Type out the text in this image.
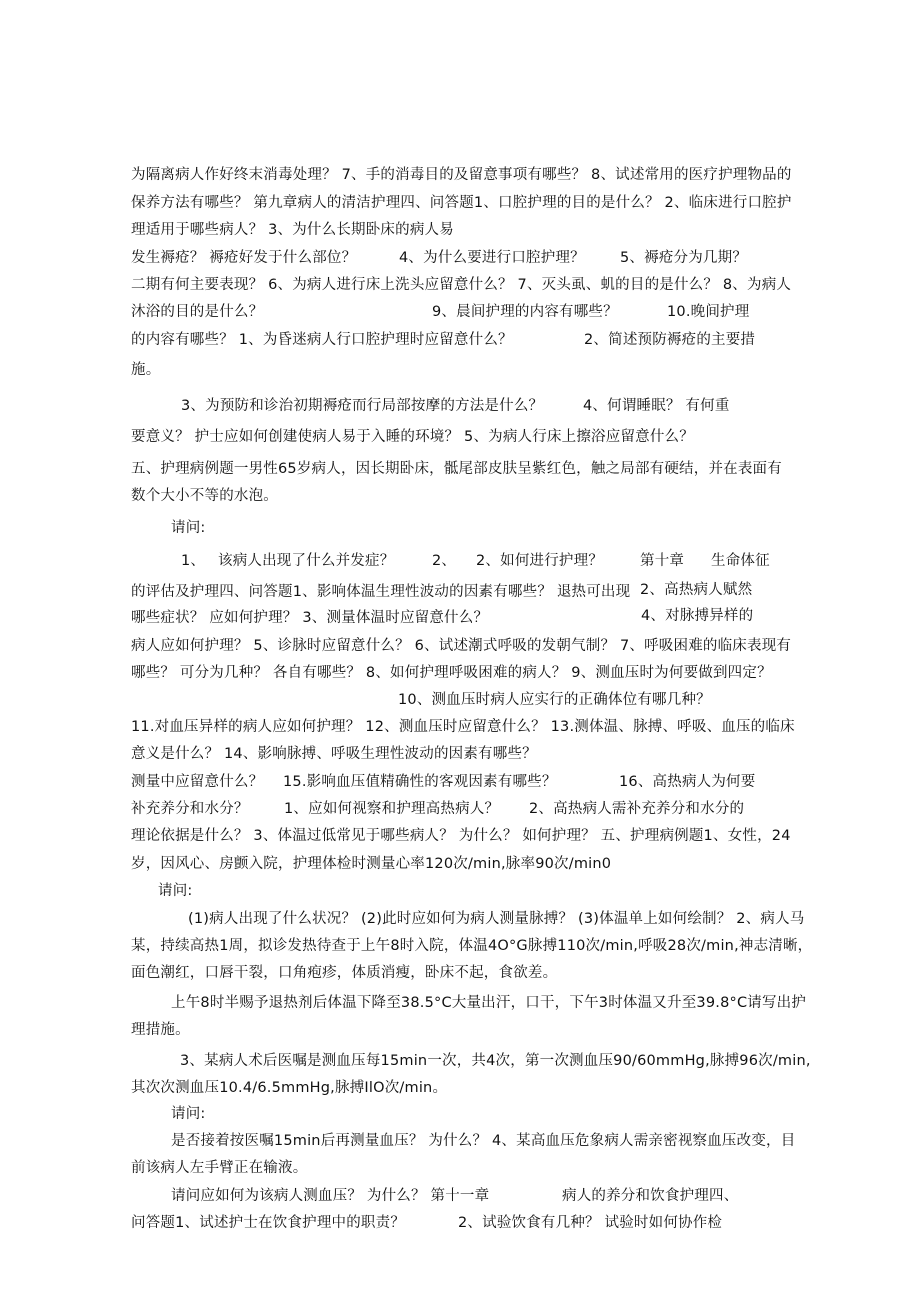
为隔离病人作好终末消毒处理？ 7、手的消毒目的及留意事项有哪些？ 8、试述常用的医疗护理物品的
保养方法有哪些？ 第九章病人的清洁护理四、问答题1、口腔护理的目的是什么？ 2、临床进行口腔护
理适用于哪些病人？ 3、为什么长期卧床的病人易
发生褥疮？ 褥疮好发于什么部位？	4、为什么要进行口腔护理？ 5、褥疮分为几期？
二期有何主要表现？ 6、为病人进行床上洗头应留意什么？ 7、灭头虱、虮的目的是什么？ 8、为病人
沐浴的目的是什么？	9、晨间护理的内容有哪些？	10.晚间护理
的内容有哪些？ 1、为昏迷病人行口腔护理时应留意什么？	2、简述预防褥疮的主要措
施。
3、为预防和诊治初期褥疮而行局部按摩的方法是什么？	4、何谓睡眠？ 有何重
要意义？ 护士应如何创建使病人易于入睡的环境？ 5、为病人行床上擦浴应留意什么？
五、护理病例题一男性65岁病人，因长期卧床，骶尾部皮肤呈紫红色，触之局部有硬结，并在表面有
数个大小不等的水泡。
请问:
1、 该病人出现了什么并发症？	2、 2、如何进行护理？	第十章 生命体征
的评估及护理四、问答题1、影响体温生理性波动的因素有哪些？ 退热可出现 2、高热病人赋然
哪些症状？ 应如何护理？ 3、测量体温时应留意什么？	4、对脉搏异样的
病人应如何护理？ 5、诊脉时应留意什么？ 6、试述潮式呼吸的发朝气制？ 7、呼吸困难的临床表现有
哪些？ 可分为几种？ 各自有哪些？ 8、如何护理呼吸困难的病人？ 9、测血压时为何要做到四定？
10、测血压时病人应实行的正确体位有哪几种？
11.对血压异样的病人应如何护理？ 12、测血压时应留意什么？ 13.测体温、脉搏、呼吸、血压的临床
意义是什么？ 14、影响脉搏、呼吸生理性波动的因素有哪些？
测量中应留意什么？ 15.影响血压值精确性的客观因素有哪些？	16、高热病人为何要
补充养分和水分？ 1、应如何视察和护理高热病人？ 2、高热病人需补充养分和水分的
理论依据是什么？ 3、体温过低常见于哪些病人？ 为什么？ 如何护理？ 五、护理病例题1、女性，24
岁，因风心、房颤入院，护理体检时测量心率120次/min,脉率90次/min0
请问:
(1)病人出现了什么状况？ (2)此时应如何为病人测量脉搏？ (3)体温单上如何绘制？ 2、病人马
某，持续高热1周，拟诊发热待查于上午8时入院，体温4O°G脉搏110次/min,呼吸28次/min,神志清晰，
面色潮红，口唇干裂，口角疱疹，体质消瘦，卧床不起，食欲差。
上午8时半赐予退热剂后体温下降至38.5°C大量出汗，口干，下午3时体温又升至39.8°C请写出护
理措施。
3、某病人术后医嘱是测血压每15min一次，共4次，第一次测血压90/60mmHg,脉搏96次/min,
其次次测血压10.4/6.5mmHg,脉搏IlO次/min。
请问:
是否接着按医嘱15min后再测量血压？ 为什么？ 4、某高血压危象病人需亲密视察血压改变，目
前该病人左手臂正在输液。
请问应如何为该病人测血压？ 为什么？ 第十一章	病人的养分和饮食护理四、
问答题1、试述护士在饮食护理中的职责？	2、试验饮食有几种？ 试验时如何协作检
